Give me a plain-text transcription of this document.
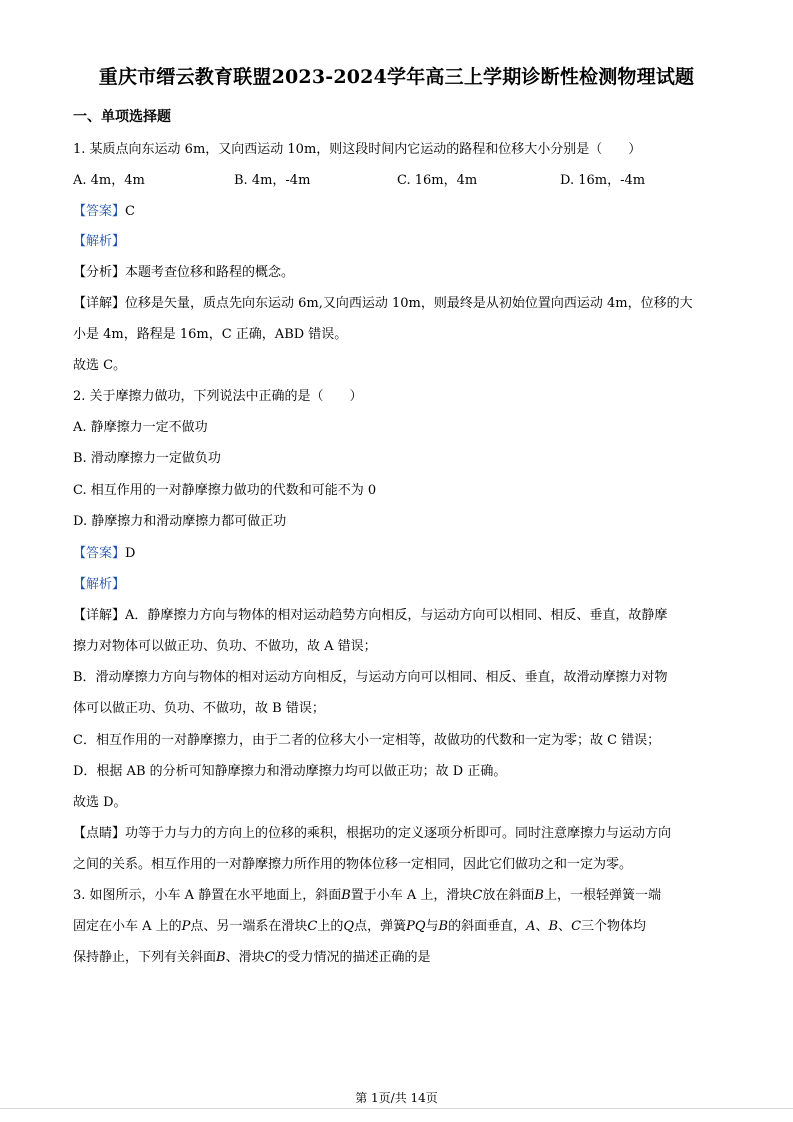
重庆市缙云教育联盟2023-2024学年高三上学期诊断性检测物理试题
一、单项选择题
1. 某质点向东运动 6m，又向西运动 10m，则这段时间内它运动的路程和位移大小分别是（　　）
A. 4m，4m	B. 4m，-4m	C. 16m，4m	D. 16m，-4m
【答案】C
【解析】
【分析】本题考查位移和路程的概念。
【详解】位移是矢量，质点先向东运动 6m,又向西运动 10m，则最终是从初始位置向西运动 4m，位移的大
小是 4m，路程是 16m，C 正确，ABD 错误。
故选 C。
2. 关于摩擦力做功，下列说法中正确的是（　　）
A. 静摩擦力一定不做功
B. 滑动摩擦力一定做负功
C. 相互作用的一对静摩擦力做功的代数和可能不为 0
D. 静摩擦力和滑动摩擦力都可做正功
【答案】D
【解析】
【详解】A．静摩擦力方向与物体的相对运动趋势方向相反，与运动方向可以相同、相反、垂直，故静摩
擦力对物体可以做正功、负功、不做功，故 A 错误；
B．滑动摩擦力方向与物体的相对运动方向相反，与运动方向可以相同、相反、垂直，故滑动摩擦力对物
体可以做正功、负功、不做功，故 B 错误；
C．相互作用的一对静摩擦力，由于二者的位移大小一定相等，故做功的代数和一定为零；故 C 错误；
D．根据 AB 的分析可知静摩擦力和滑动摩擦力均可以做正功；故 D 正确。
故选 D。
【点睛】功等于力与力的方向上的位移的乘积，根据功的定义逐项分析即可。同时注意摩擦力与运动方向
之间的关系。相互作用的一对静摩擦力所作用的物体位移一定相同，因此它们做功之和一定为零。
3. 如图所示，小车 A 静置在水平地面上，斜面B置于小车 A 上，滑块C放在斜面B上，一根轻弹簧一端
固定在小车 A 上的P点、另一端系在滑块C上的Q点，弹簧PQ与B的斜面垂直，A、B、C三个物体均
保持静止，下列有关斜面B、滑块C的受力情况的描述正确的是
第 1页/共 14页
